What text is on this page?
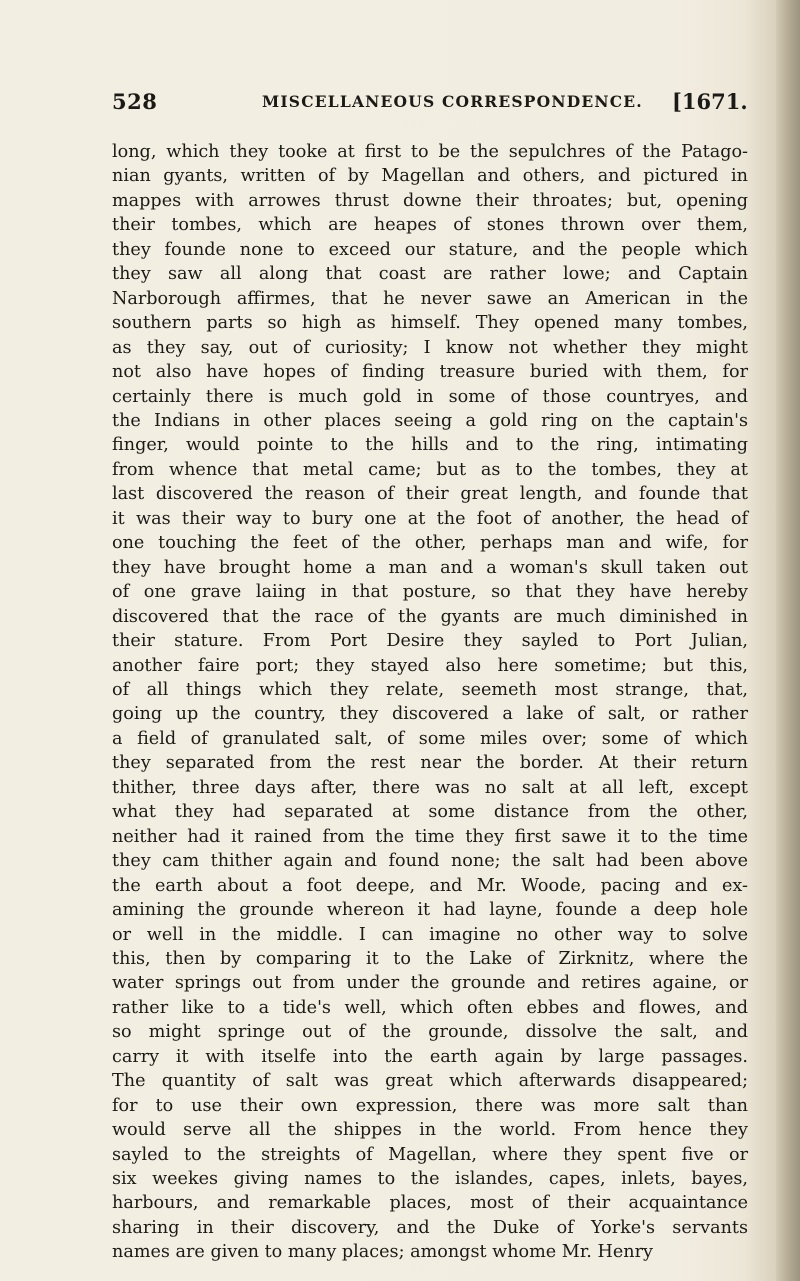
528	MISCELLANEOUS CORRESPONDENCE. [1671.
long, which they tooke at first to be the sepulchres of the Patago-
nian gyants, written of by Magellan and others, and pictured in
mappes with arrowes thrust downe their throates; but, opening
their tombes, which are heapes of stones thrown over them,
they founde none to exceed our stature, and the people which
they saw all along that coast are rather lowe; and Captain
Narborough affirmes, that he never sawe an American in the
southern parts so high as himself. They opened many tombes,
as they say, out of curiosity; I know not whether they might
not also have hopes of finding treasure buried with them, for
certainly there is much gold in some of those countryes, and
the Indians in other places seeing a gold ring on the captain's
finger, would pointe to the hills and to the ring, intimating
from whence that metal came; but as to the tombes, they at
last discovered the reason of their great length, and founde that
it was their way to bury one at the foot of another, the head of
one touching the feet of the other, perhaps man and wife, for
they have brought home a man and a woman's skull taken out
of one grave laiing in that posture, so that they have hereby
discovered that the race of the gyants are much diminished in
their stature. From Port Desire they sayled to Port Julian,
another faire port; they stayed also here sometime; but this,
of all things which they relate, seemeth most strange, that,
going up the country, they discovered a lake of salt, or rather
a field of granulated salt, of some miles over; some of which
they separated from the rest near the border. At their return
thither, three days after, there was no salt at all left, except
what they had separated at some distance from the other,
neither had it rained from the time they first sawe it to the time
they cam thither again and found none; the salt had been above
the earth about a foot deepe, and Mr. Woode, pacing and ex-
amining the grounde whereon it had layne, founde a deep hole
or well in the middle. I can imagine no other way to solve
this, then by comparing it to the Lake of Zirknitz, where the
water springs out from under the grounde and retires againe, or
rather like to a tide's well, which often ebbes and flowes, and
so might springe out of the grounde, dissolve the salt, and
carry it with itselfe into the earth again by large passages.
The quantity of salt was great which afterwards disappeared;
for to use their own expression, there was more salt than
would serve all the shippes in the world. From hence they
sayled to the streights of Magellan, where they spent five or
six weekes giving names to the islandes, capes, inlets, bayes,
harbours, and remarkable places, most of their acquaintance
sharing in their discovery, and the Duke of Yorke's servants
names are given to many places; amongst whome Mr. Henry
